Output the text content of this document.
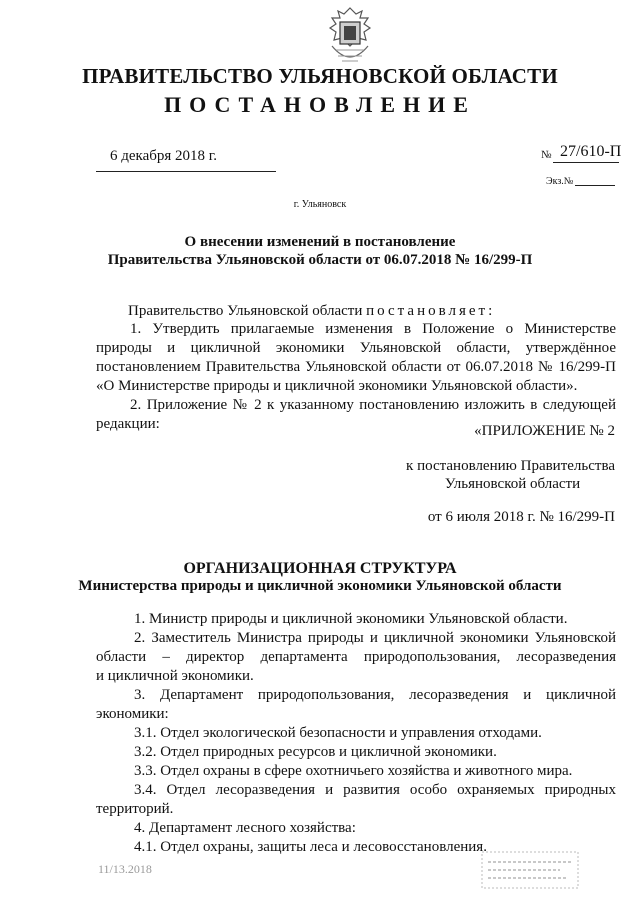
ПРАВИТЕЛЬСТВО УЛЬЯНОВСКОЙ ОБЛАСТИ
ПОСТАНОВЛЕНИЕ
6 декабря 2018 г.	№ 27/610-П
Экз.№
г. Ульяновск
О внесении изменений в постановление
Правительства Ульяновской области от 06.07.2018 № 16/299-П
Правительство Ульяновской области постановляет:
1. Утвердить прилагаемые изменения в Положение о Министерстве
природы и цикличной экономики Ульяновской области, утверждённое
постановлением Правительства Ульяновской области от 06.07.2018 № 16/299-П
«О Министерстве природы и цикличной экономики Ульяновской области».
2. Приложение № 2 к указанному постановлению изложить в следующей
редакции:	«ПРИЛОЖЕНИЕ № 2
к постановлению Правительства
Ульяновской области
от 6 июля 2018 г. № 16/299-П
ОРГАНИЗАЦИОННАЯ СТРУКТУРА
Министерства природы и цикличной экономики Ульяновской области
1. Министр природы и цикличной экономики Ульяновской области.
2. Заместитель Министра природы и цикличной экономики Ульяновской
области – директор департамента природопользования, лесоразведения
и цикличной экономики.
3. Департамент природопользования, лесоразведения и цикличной
экономики:
3.1. Отдел экологической безопасности и управления отходами.
3.2. Отдел природных ресурсов и цикличной экономики.
3.3. Отдел охраны в сфере охотничьего хозяйства и животного мира.
3.4. Отдел лесоразведения и развития особо охраняемых природных
территорий.
4. Департамент лесного хозяйства:
4.1. Отдел охраны, защиты леса и лесовосстановления.
11/13.2018
